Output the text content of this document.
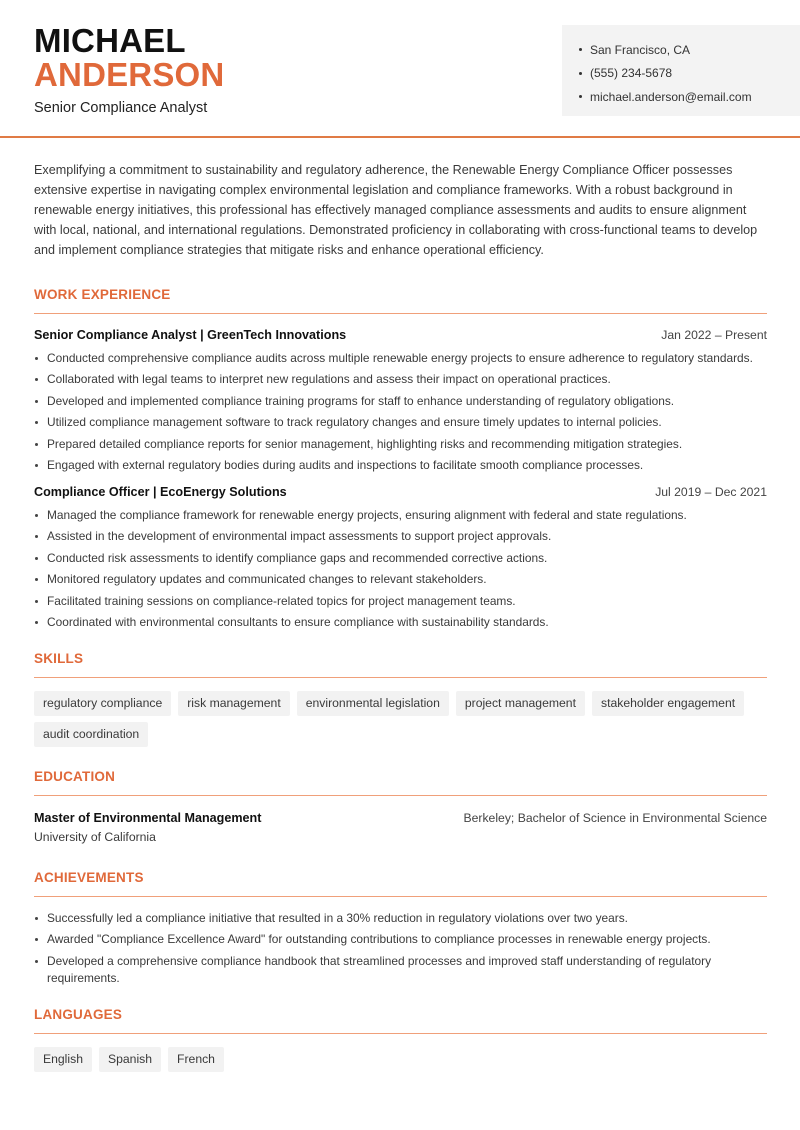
MICHAEL
ANDERSON
Senior Compliance Analyst
San Francisco, CA
(555) 234-5678
michael.anderson@email.com

Exemplifying a commitment to sustainability and regulatory adherence, the Renewable Energy Compliance Officer possesses extensive expertise in navigating complex environmental legislation and compliance frameworks. With a robust background in renewable energy initiatives, this professional has effectively managed compliance assessments and audits to ensure alignment with local, national, and international regulations. Demonstrated proficiency in collaborating with cross-functional teams to develop and implement compliance strategies that mitigate risks and enhance operational efficiency.

WORK EXPERIENCE
Senior Compliance Analyst | GreenTech Innovations	Jan 2022 – Present
Conducted comprehensive compliance audits across multiple renewable energy projects to ensure adherence to regulatory standards.
Collaborated with legal teams to interpret new regulations and assess their impact on operational practices.
Developed and implemented compliance training programs for staff to enhance understanding of regulatory obligations.
Utilized compliance management software to track regulatory changes and ensure timely updates to internal policies.
Prepared detailed compliance reports for senior management, highlighting risks and recommending mitigation strategies.
Engaged with external regulatory bodies during audits and inspections to facilitate smooth compliance processes.
Compliance Officer | EcoEnergy Solutions	Jul 2019 – Dec 2021
Managed the compliance framework for renewable energy projects, ensuring alignment with federal and state regulations.
Assisted in the development of environmental impact assessments to support project approvals.
Conducted risk assessments to identify compliance gaps and recommended corrective actions.
Monitored regulatory updates and communicated changes to relevant stakeholders.
Facilitated training sessions on compliance-related topics for project management teams.
Coordinated with environmental consultants to ensure compliance with sustainability standards.
SKILLS
regulatory compliance	risk management	environmental legislation	project management	stakeholder engagement
audit coordination
EDUCATION
Master of Environmental Management	Berkeley; Bachelor of Science in Environmental Science
University of California
ACHIEVEMENTS
Successfully led a compliance initiative that resulted in a 30% reduction in regulatory violations over two years.
Awarded "Compliance Excellence Award" for outstanding contributions to compliance processes in renewable energy projects.
Developed a comprehensive compliance handbook that streamlined processes and improved staff understanding of regulatory requirements.
LANGUAGES
English	Spanish	French
